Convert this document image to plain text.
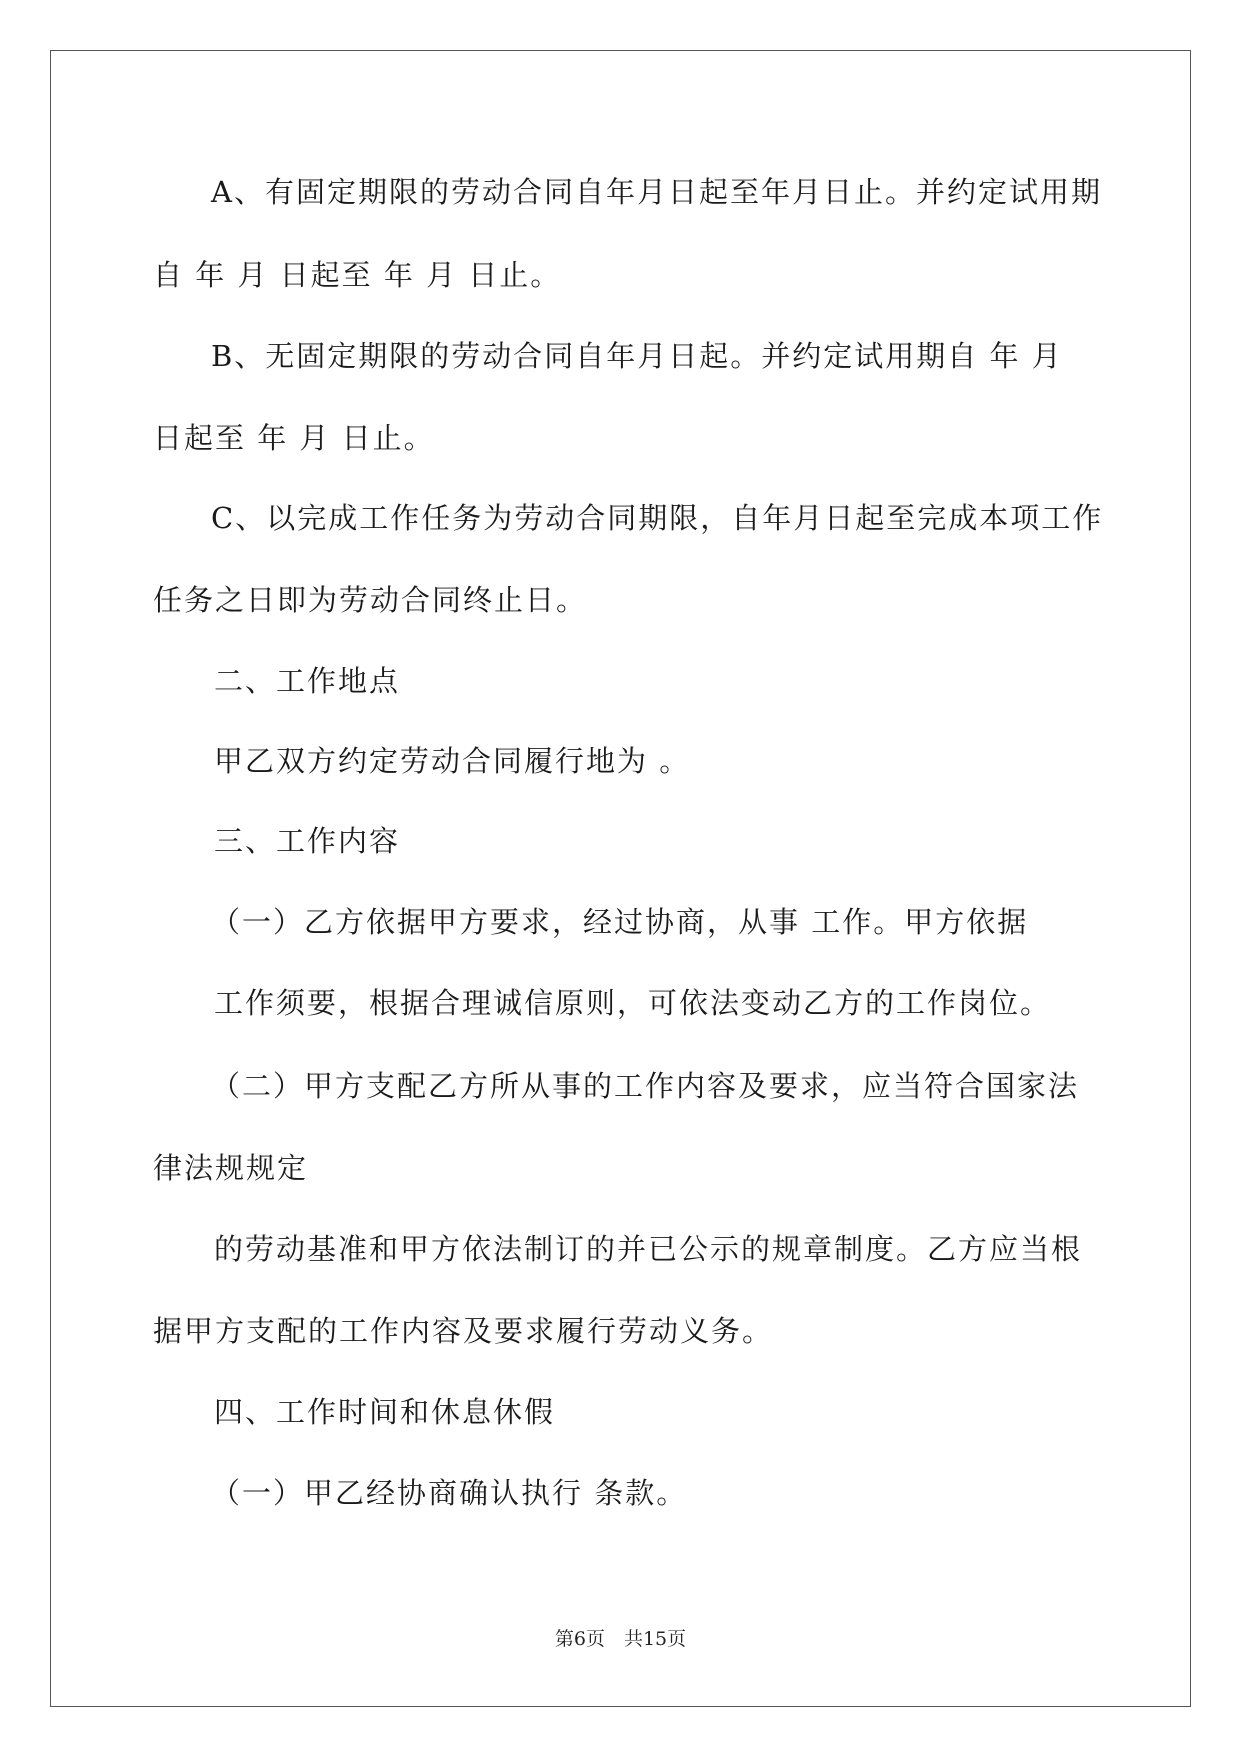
A、有固定期限的劳动合同自年月日起至年月日止。并约定试用期
自 年 月 日起至 年 月 日止。
B、无固定期限的劳动合同自年月日起。并约定试用期自 年 月
日起至 年 月 日止。
C、以完成工作任务为劳动合同期限，自年月日起至完成本项工作
任务之日即为劳动合同终止日。
二、工作地点
甲乙双方约定劳动合同履行地为 。
三、工作内容
（一）乙方依据甲方要求，经过协商，从事 工作。甲方依据
工作须要，根据合理诚信原则，可依法变动乙方的工作岗位。
（二）甲方支配乙方所从事的工作内容及要求，应当符合国家法
律法规规定
的劳动基准和甲方依法制订的并已公示的规章制度。乙方应当根
据甲方支配的工作内容及要求履行劳动义务。
四、工作时间和休息休假
（一）甲乙经协商确认执行 条款。
第6页　共15页
